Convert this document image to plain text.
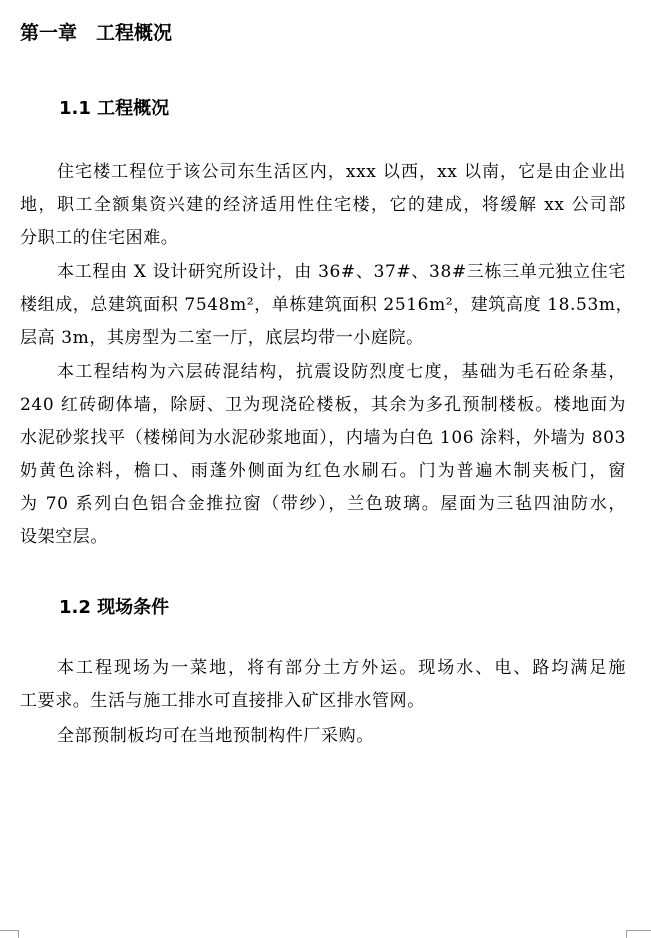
第一章　工程概况
1.1 工程概况
住宅楼工程位于该公司东生活区内，xxx 以西，xx 以南，它是由企业出
地，职工全额集资兴建的经济适用性住宅楼，它的建成，将缓解 xx 公司部
分职工的住宅困难。
本工程由 X 设计研究所设计，由 36#、37#、38#三栋三单元独立住宅
楼组成，总建筑面积 7548m²，单栋建筑面积 2516m²，建筑高度 18.53m，
层高 3m，其房型为二室一厅，底层均带一小庭院。
本工程结构为六层砖混结构，抗震设防烈度七度，基础为毛石砼条基，
240 红砖砌体墙，除厨、卫为现浇砼楼板，其余为多孔预制楼板。楼地面为
水泥砂浆找平（楼梯间为水泥砂浆地面），内墙为白色 106 涂料，外墙为 803
奶黄色涂料，檐口、雨蓬外侧面为红色水刷石。门为普遍木制夹板门，窗
为 70 系列白色铝合金推拉窗（带纱），兰色玻璃。屋面为三毡四油防水，
设架空层。
1.2 现场条件
本工程现场为一菜地，将有部分土方外运。现场水、电、路均满足施
工要求。生活与施工排水可直接排入矿区排水管网。
全部预制板均可在当地预制构件厂采购。
